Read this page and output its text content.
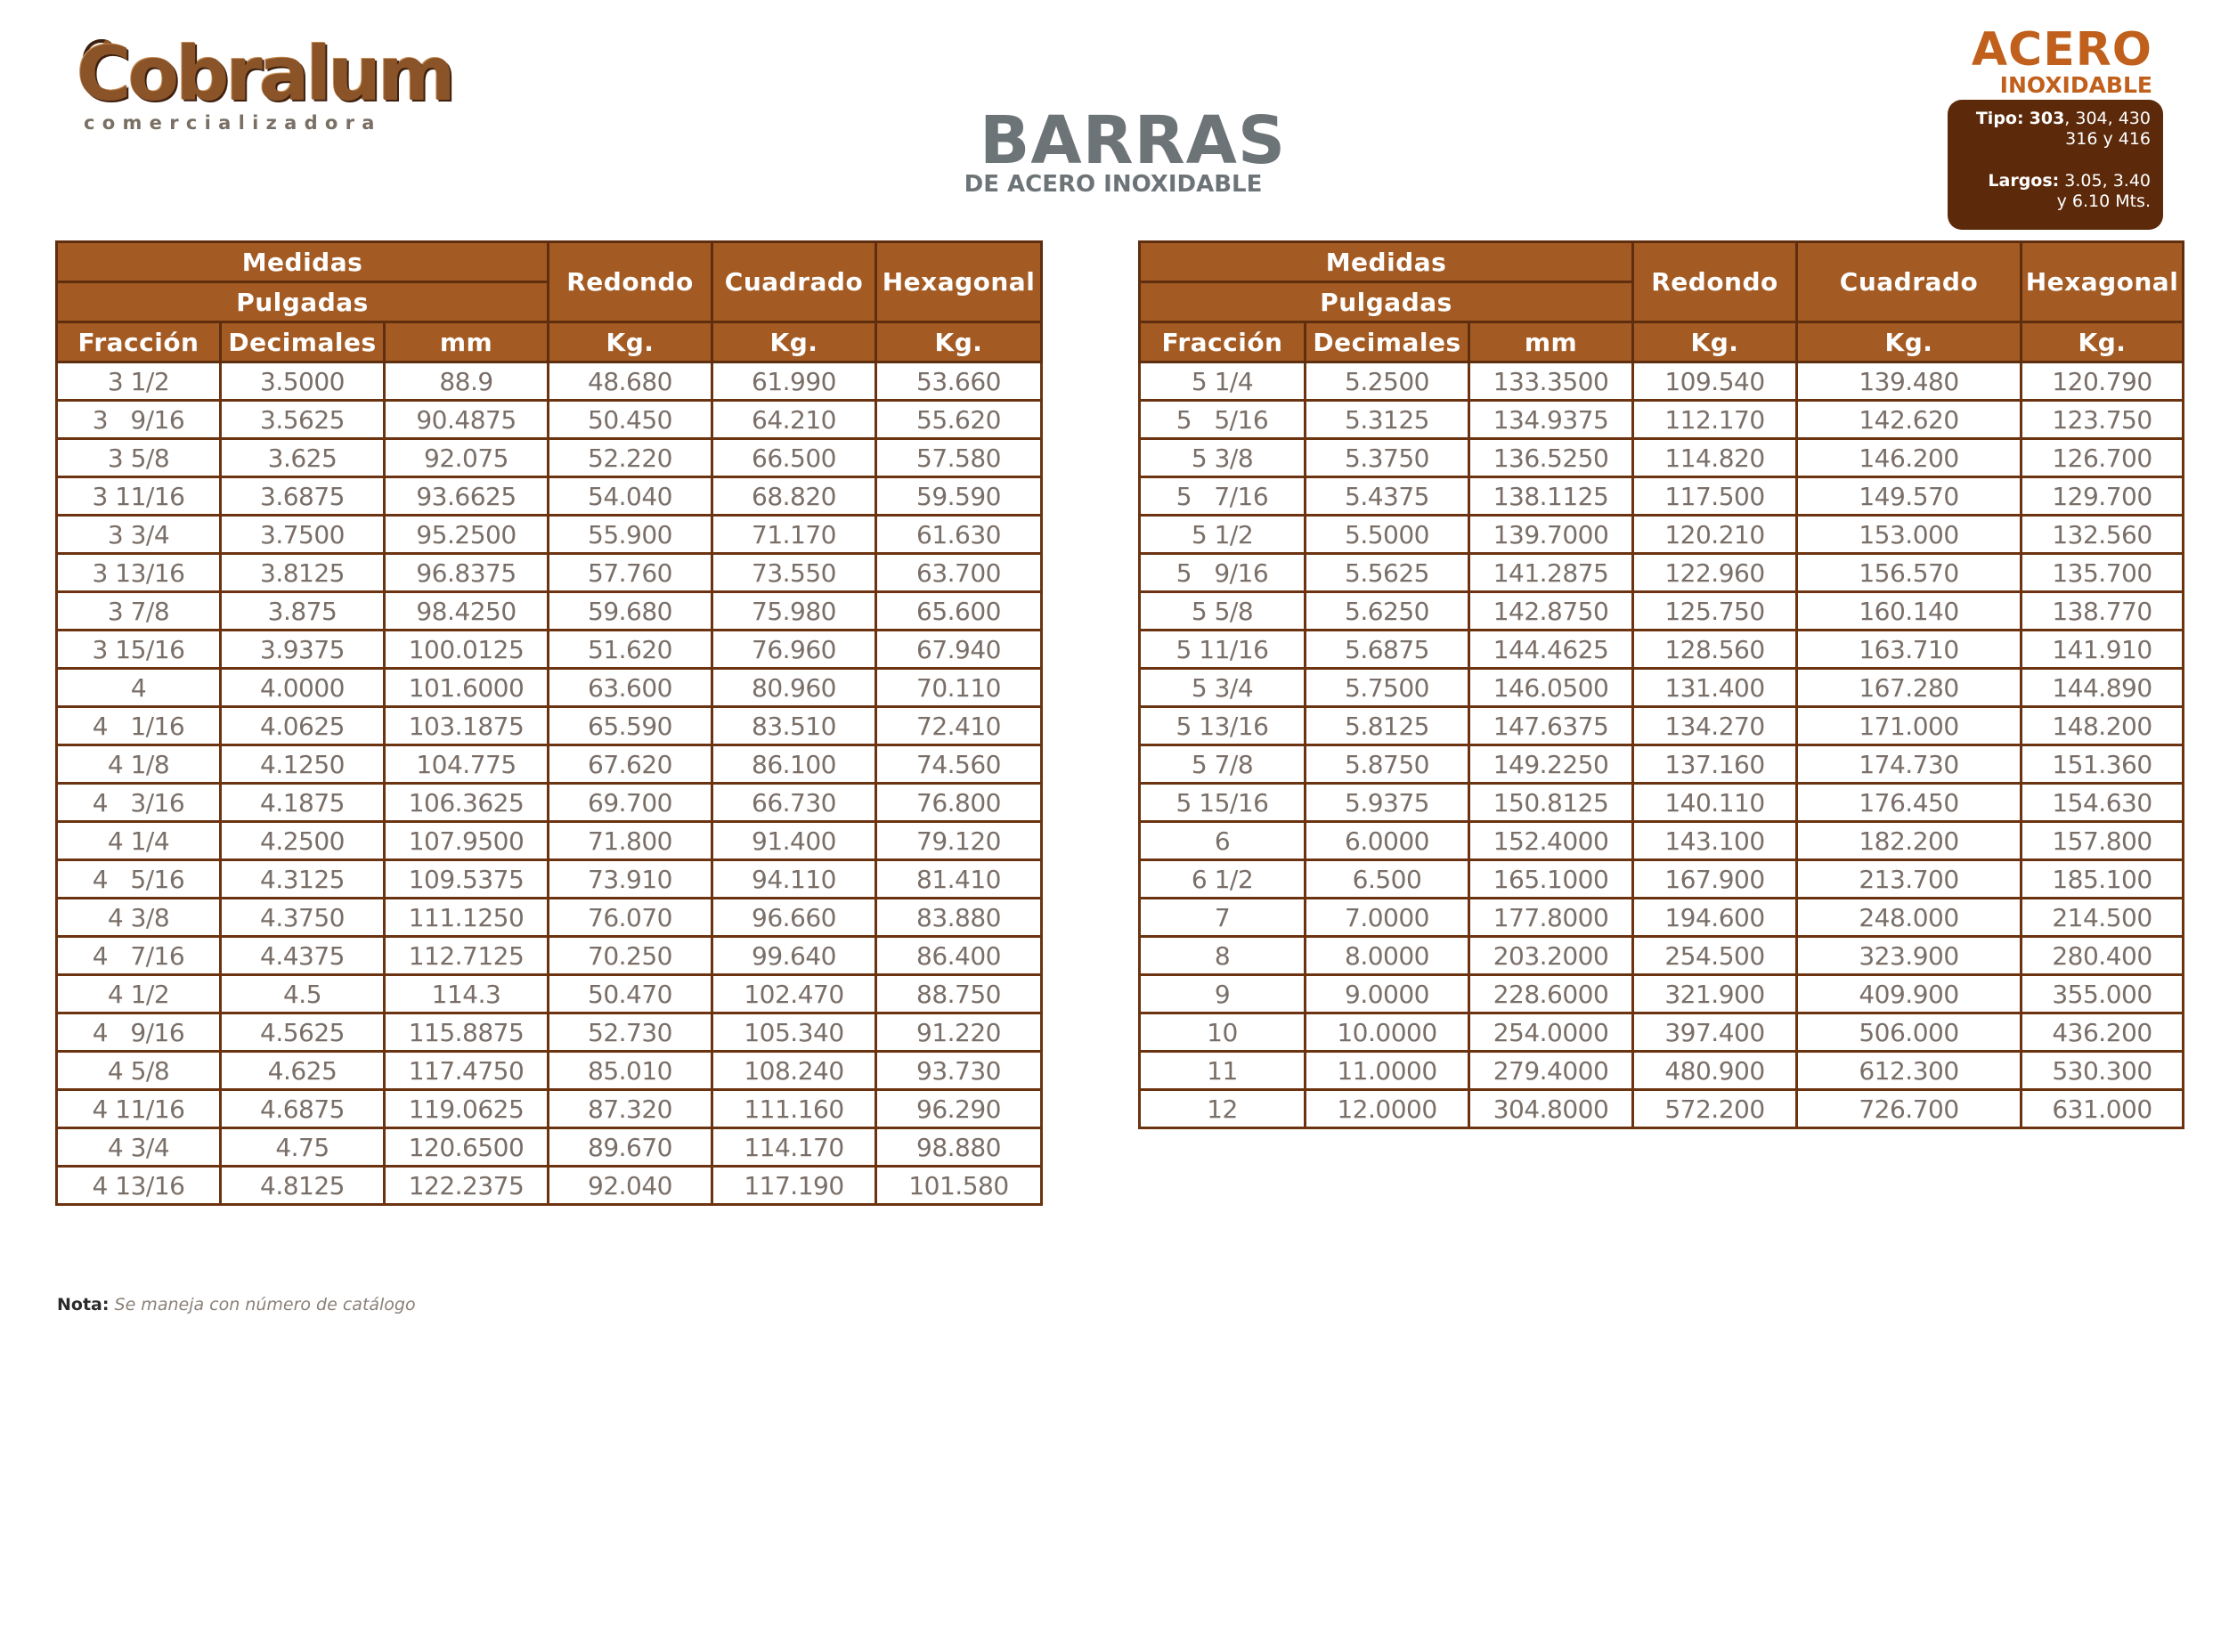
Cobralum
comercializadora	BARRAS
DE ACERO INOXIDABLE
ACERO
INOXIDABLE
Tipo: 303, 304, 430
316 y 416
Largos: 3.05, 3.40
y 6.10 Mts.
Medidas			Redondo	Cuadrado	Hexagonal
Pulgadas					
Fracción	Decimales	mm	Kg.	Kg.	Kg.
3 1/2	3.5000	88.9	48.680	61.990	53.660
3   9/16	3.5625	90.4875	50.450	64.210	55.620
3 5/8	3.625	92.075	52.220	66.500	57.580
3 11/16	3.6875	93.6625	54.040	68.820	59.590
3 3/4	3.7500	95.2500	55.900	71.170	61.630
3 13/16	3.8125	96.8375	57.760	73.550	63.700
3 7/8	3.875	98.4250	59.680	75.980	65.600
3 15/16	3.9375	100.0125	51.620	76.960	67.940
4	4.0000	101.6000	63.600	80.960	70.110
4   1/16	4.0625	103.1875	65.590	83.510	72.410
4 1/8	4.1250	104.775	67.620	86.100	74.560
4   3/16	4.1875	106.3625	69.700	66.730	76.800
4 1/4	4.2500	107.9500	71.800	91.400	79.120
4   5/16	4.3125	109.5375	73.910	94.110	81.410
4 3/8	4.3750	111.1250	76.070	96.660	83.880
4   7/16	4.4375	112.7125	70.250	99.640	86.400
4 1/2	4.5	114.3	50.470	102.470	88.750
4   9/16	4.5625	115.8875	52.730	105.340	91.220
4 5/8	4.625	117.4750	85.010	108.240	93.730
4 11/16	4.6875	119.0625	87.320	111.160	96.290
4 3/4	4.75	120.6500	89.670	114.170	98.880
4 13/16	4.8125	122.2375	92.040	117.190	101.580
Medidas			Redondo	Cuadrado	Hexagonal
Pulgadas					
Fracción	Decimales	mm	Kg.	Kg.	Kg.
5 1/4	5.2500	133.3500	109.540	139.480	120.790
5   5/16	5.3125	134.9375	112.170	142.620	123.750
5 3/8	5.3750	136.5250	114.820	146.200	126.700
5   7/16	5.4375	138.1125	117.500	149.570	129.700
5 1/2	5.5000	139.7000	120.210	153.000	132.560
5   9/16	5.5625	141.2875	122.960	156.570	135.700
5 5/8	5.6250	142.8750	125.750	160.140	138.770
5 11/16	5.6875	144.4625	128.560	163.710	141.910
5 3/4	5.7500	146.0500	131.400	167.280	144.890
5 13/16	5.8125	147.6375	134.270	171.000	148.200
5 7/8	5.8750	149.2250	137.160	174.730	151.360
5 15/16	5.9375	150.8125	140.110	176.450	154.630
6	6.0000	152.4000	143.100	182.200	157.800
6 1/2	6.500	165.1000	167.900	213.700	185.100
7	7.0000	177.8000	194.600	248.000	214.500
8	8.0000	203.2000	254.500	323.900	280.400
9	9.0000	228.6000	321.900	409.900	355.000
10	10.0000	254.0000	397.400	506.000	436.200
11	11.0000	279.4000	480.900	612.300	530.300
12	12.0000	304.8000	572.200	726.700	631.000
Nota: Se maneja con número de catálogo
